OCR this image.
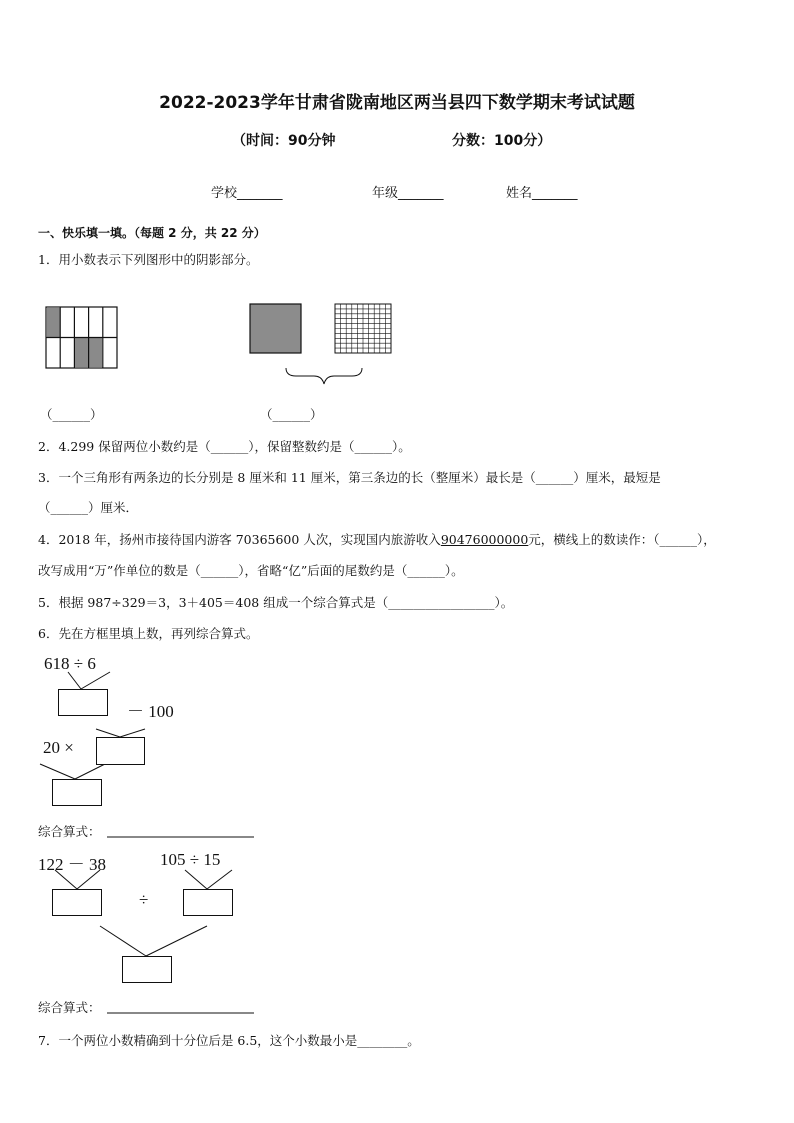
2022-2023学年甘肃省陇南地区两当县四下数学期末考试试题
（时间：90分钟	分数：100分）
学校_______	年级_______	姓名_______
一、快乐填一填。（每题 2 分，共 22 分）
1．用小数表示下列图形中的阴影部分。
（______）	（______）
2．4.299 保留两位小数约是（______），保留整数约是（______）。
3．一个三角形有两条边的长分别是 8 厘米和 11 厘米，第三条边的长（整厘米）最长是（______）厘米，最短是
（______）厘米．
4．2018 年，扬州市接待国内游客 70365600 人次，实现国内旅游收入90476000000元，横线上的数读作：（______），
改写成用“万”作单位的数是（______），省略“亿”后面的尾数约是（______）。
5．根据 987÷329＝3，3＋405＝408 组成一个综合算式是（_________________）。
6．先在方框里填上数，再列综合算式。
618 ÷ 6
－ 100
20 ×
综合算式：
122 － 38	105 ÷ 15
÷
综合算式：
7．一个两位小数精确到十分位后是 6.5，这个小数最小是________。
